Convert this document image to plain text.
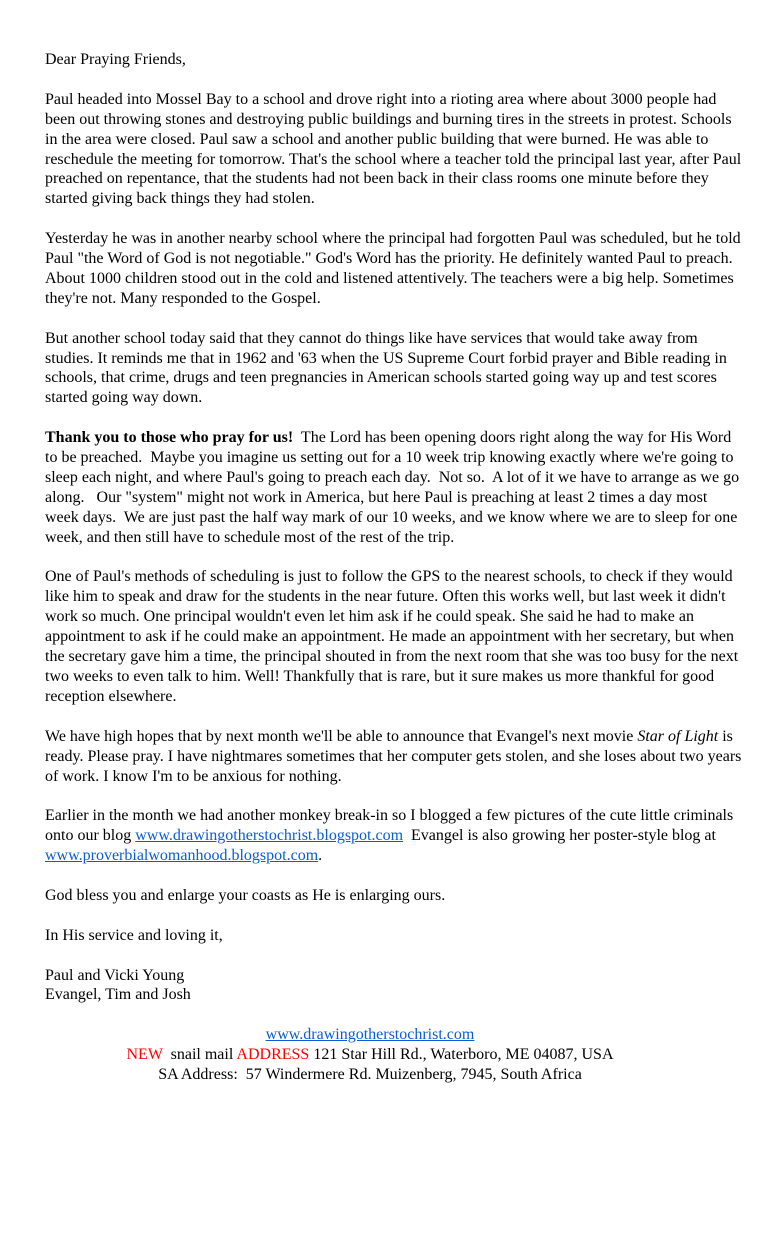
Dear Praying Friends,

Paul headed into Mossel Bay to a school and drove right into a rioting area where about 3000 people had been out throwing stones and destroying public buildings and burning tires in the streets in protest. Schools in the area were closed. Paul saw a school and another public building that were burned. He was able to reschedule the meeting for tomorrow. That's the school where a teacher told the principal last year, after Paul preached on repentance, that the students had not been back in their class rooms one minute before they started giving back things they had stolen.

Yesterday he was in another nearby school where the principal had forgotten Paul was scheduled, but he told Paul "the Word of God is not negotiable." God's Word has the priority. He definitely wanted Paul to preach. About 1000 children stood out in the cold and listened attentively. The teachers were a big help. Sometimes they're not. Many responded to the Gospel.

But another school today said that they cannot do things like have services that would take away from studies. It reminds me that in 1962 and '63 when the US Supreme Court forbid prayer and Bible reading in schools, that crime, drugs and teen pregnancies in American schools started going way up and test scores started going way down.

Thank you to those who pray for us!  The Lord has been opening doors right along the way for His Word to be preached.  Maybe you imagine us setting out for a 10 week trip knowing exactly where we're going to sleep each night, and where Paul's going to preach each day.  Not so.  A lot of it we have to arrange as we go along.   Our "system" might not work in America, but here Paul is preaching at least 2 times a day most week days.  We are just past the half way mark of our 10 weeks, and we know where we are to sleep for one week, and then still have to schedule most of the rest of the trip.

One of Paul's methods of scheduling is just to follow the GPS to the nearest schools, to check if they would like him to speak and draw for the students in the near future. Often this works well, but last week it didn't work so much. One principal wouldn't even let him ask if he could speak. She said he had to make an appointment to ask if he could make an appointment. He made an appointment with her secretary, but when the secretary gave him a time, the principal shouted in from the next room that she was too busy for the next two weeks to even talk to him. Well! Thankfully that is rare, but it sure makes us more thankful for good reception elsewhere.

We have high hopes that by next month we'll be able to announce that Evangel's next movie Star of Light is ready. Please pray. I have nightmares sometimes that her computer gets stolen, and she loses about two years of work. I know I'm to be anxious for nothing.

Earlier in the month we had another monkey break-in so I blogged a few pictures of the cute little criminals onto our blog www.drawingotherstochrist.blogspot.com  Evangel is also growing her poster-style blog at www.proverbialwomanhood.blogspot.com.

God bless you and enlarge your coasts as He is enlarging ours.

In His service and loving it,

Paul and Vicki Young
Evangel, Tim and Josh

www.drawingotherstochrist.com
NEW  snail mail ADDRESS 121 Star Hill Rd., Waterboro, ME 04087, USA
SA Address:  57 Windermere Rd. Muizenberg, 7945, South Africa
